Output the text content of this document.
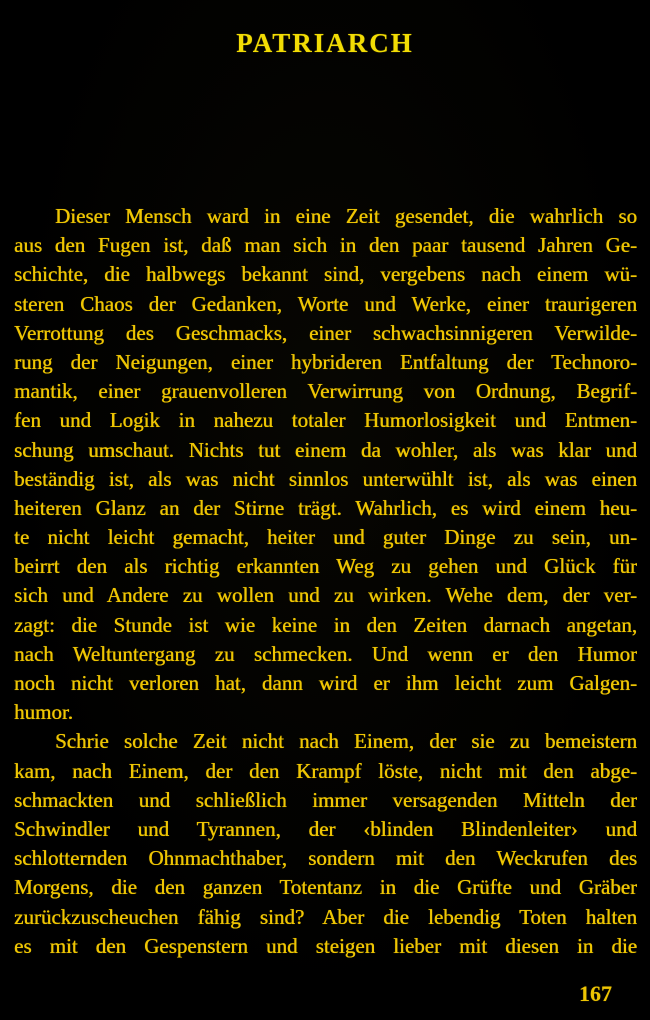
PATRIARCH
Dieser Mensch ward in eine Zeit gesendet, die wahrlich so
aus den Fugen ist, daß man sich in den paar tausend Jahren Ge-
schichte, die halbwegs bekannt sind, vergebens nach einem wü-
steren Chaos der Gedanken, Worte und Werke, einer traurigeren
Verrottung des Geschmacks, einer schwachsinnigeren Verwilde-
rung der Neigungen, einer hybrideren Entfaltung der Technoro-
mantik, einer grauenvolleren Verwirrung von Ordnung, Begrif-
fen und Logik in nahezu totaler Humorlosigkeit und Entmen-
schung umschaut. Nichts tut einem da wohler, als was klar und
beständig ist, als was nicht sinnlos unterwühlt ist, als was einen
heiteren Glanz an der Stirne trägt. Wahrlich, es wird einem heu-
te nicht leicht gemacht, heiter und guter Dinge zu sein, un-
beirrt den als richtig erkannten Weg zu gehen und Glück für
sich und Andere zu wollen und zu wirken. Wehe dem, der ver-
zagt: die Stunde ist wie keine in den Zeiten darnach angetan,
nach Weltuntergang zu schmecken. Und wenn er den Humor
noch nicht verloren hat, dann wird er ihm leicht zum Galgen-
humor.
Schrie solche Zeit nicht nach Einem, der sie zu bemeistern
kam, nach Einem, der den Krampf löste, nicht mit den abge-
schmackten und schließlich immer versagenden Mitteln der
Schwindler und Tyrannen, der ‹blinden Blindenleiter› und
schlotternden Ohnmachthaber, sondern mit den Weckrufen des
Morgens, die den ganzen Totentanz in die Grüfte und Gräber
zurückzuscheuchen fähig sind? Aber die lebendig Toten halten
es mit den Gespenstern und steigen lieber mit diesen in die
167
